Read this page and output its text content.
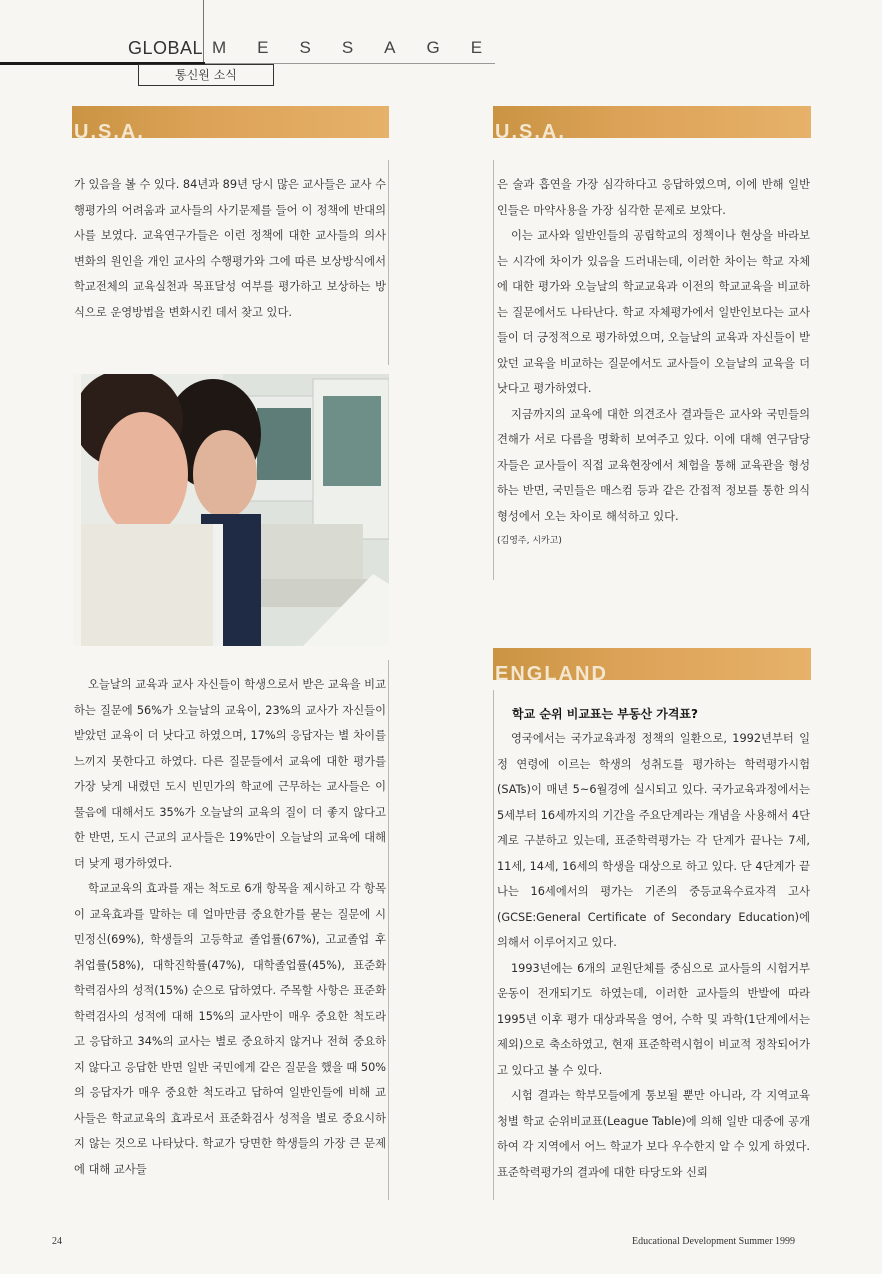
GLOBAL MESSAGE
통신원 소식
U.S.A.	U.S.A.
ENGLAND

가 있음을 볼 수 있다. 84년과 89년 당시 많은 교사들은 교사 수행평가의 어려움과 교사들의 사기문제를 들어 이 정책에 반대의사를 보였다. 교육연구가들은 이런 정책에 대한 교사들의 의사변화의 원인을 개인 교사의 수행평가와 그에 따른 보상방식에서 학교전체의 교육실천과 목표달성 여부를 평가하고 보상하는 방식으로 운영방법을 변화시킨 데서 찾고 있다.

오늘날의 교육과 교사 자신들이 학생으로서 받은 교육을 비교하는 질문에 56%가 오늘날의 교육이, 23%의 교사가 자신들이 받았던 교육이 더 낫다고 하였으며, 17%의 응답자는 별 차이를 느끼지 못한다고 하였다. 다른 질문들에서 교육에 대한 평가를 가장 낮게 내렸던 도시 빈민가의 학교에 근무하는 교사들은 이 물음에 대해서도 35%가 오늘날의 교육의 질이 더 좋지 않다고 한 반면, 도시 근교의 교사들은 19%만이 오늘날의 교육에 대해 더 낮게 평가하였다.

학교교육의 효과를 재는 척도로 6개 항목을 제시하고 각 항목이 교육효과를 말하는 데 얼마만큼 중요한가를 묻는 질문에 시민정신(69%), 학생들의 고등학교 졸업률(67%), 고교졸업 후 취업률(58%), 대학진학률(47%), 대학졸업률(45%), 표준화 학력검사의 성적(15%) 순으로 답하였다. 주목할 사항은 표준화 학력검사의 성적에 대해 15%의 교사만이 매우 중요한 척도라고 응답하고 34%의 교사는 별로 중요하지 않거나 전혀 중요하지 않다고 응답한 반면 일반 국민에게 같은 질문을 했을 때 50%의 응답자가 매우 중요한 척도라고 답하여 일반인들에 비해 교사들은 학교교육의 효과로서 표준화검사 성적을 별로 중요시하지 않는 것으로 나타났다. 학교가 당면한 학생들의 가장 큰 문제에 대해 교사들

은 술과 흡연을 가장 심각하다고 응답하였으며, 이에 반해 일반인들은 마약사용을 가장 심각한 문제로 보았다.

이는 교사와 일반인들의 공립학교의 정책이나 현상을 바라보는 시각에 차이가 있음을 드러내는데, 이러한 차이는 학교 자체에 대한 평가와 오늘날의 학교교육과 이전의 학교교육을 비교하는 질문에서도 나타난다. 학교 자체평가에서 일반인보다는 교사들이 더 긍정적으로 평가하였으며, 오늘날의 교육과 자신들이 받았던 교육을 비교하는 질문에서도 교사들이 오늘날의 교육을 더 낫다고 평가하였다.

지금까지의 교육에 대한 의견조사 결과들은 교사와 국민들의 견해가 서로 다름을 명확히 보여주고 있다. 이에 대해 연구담당자들은 교사들이 직접 교육현장에서 체험을 통해 교육관을 형성하는 반면, 국민들은 매스컴 등과 같은 간접적 정보를 통한 의식형성에서 오는 차이로 해석하고 있다.

(김영주, 시카고)

학교 순위 비교표는 부동산 가격표?

영국에서는 국가교육과정 정책의 일환으로, 1992년부터 일정 연령에 이르는 학생의 성취도를 평가하는 학력평가시험(SATs)이 매년 5~6월경에 실시되고 있다. 국가교육과정에서는 5세부터 16세까지의 기간을 주요단계라는 개념을 사용해서 4단계로 구분하고 있는데, 표준학력평가는 각 단계가 끝나는 7세, 11세, 14세, 16세의 학생을 대상으로 하고 있다. 단 4단계가 끝나는 16세에서의 평가는 기존의 중등교육수료자격 고사(GCSE:General Certificate of Secondary Education)에 의해서 이루어지고 있다.

1993년에는 6개의 교원단체를 중심으로 교사들의 시험거부 운동이 전개되기도 하였는데, 이러한 교사들의 반발에 따라 1995년 이후 평가 대상과목을 영어, 수학 및 과학(1단계에서는 제외)으로 축소하였고, 현재 표준학력시험이 비교적 정착되어가고 있다고 볼 수 있다.

시험 결과는 학부모들에게 통보될 뿐만 아니라, 각 지역교육청별 학교 순위비교표(League Table)에 의해 일반 대중에 공개하여 각 지역에서 어느 학교가 보다 우수한지 알 수 있게 하였다. 표준학력평가의 결과에 대한 타당도와 신뢰

24	Educational Development Summer 1999
